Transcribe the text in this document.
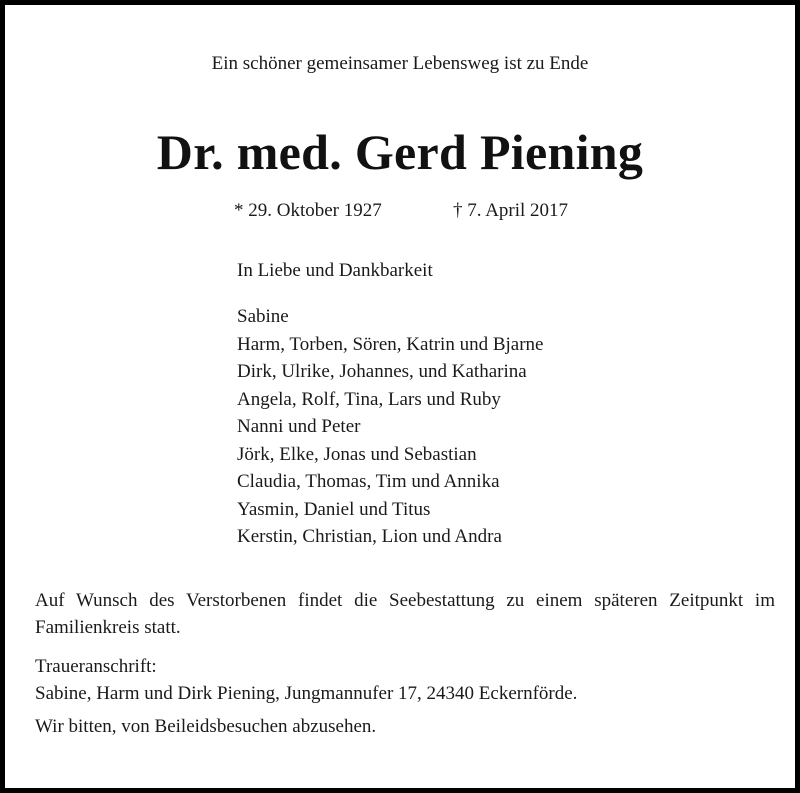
Ein schöner gemeinsamer Lebensweg ist zu Ende

Dr. med. Gerd Piening

* 29. Oktober 1927	† 7. April 2017

In Liebe und Dankbarkeit

Sabine
Harm, Torben, Sören, Katrin und Bjarne
Dirk, Ulrike, Johannes, und Katharina
Angela, Rolf, Tina, Lars und Ruby
Nanni und Peter
Jörk, Elke, Jonas und Sebastian
Claudia, Thomas, Tim und Annika
Yasmin, Daniel und Titus
Kerstin, Christian, Lion und Andra

Auf Wunsch des Verstorbenen findet die Seebestattung zu einem späteren Zeitpunkt im Familienkreis statt.

Traueranschrift:

Sabine, Harm und Dirk Piening, Jungmannufer 17, 24340 Eckernförde.

Wir bitten, von Beileidsbesuchen abzusehen.
